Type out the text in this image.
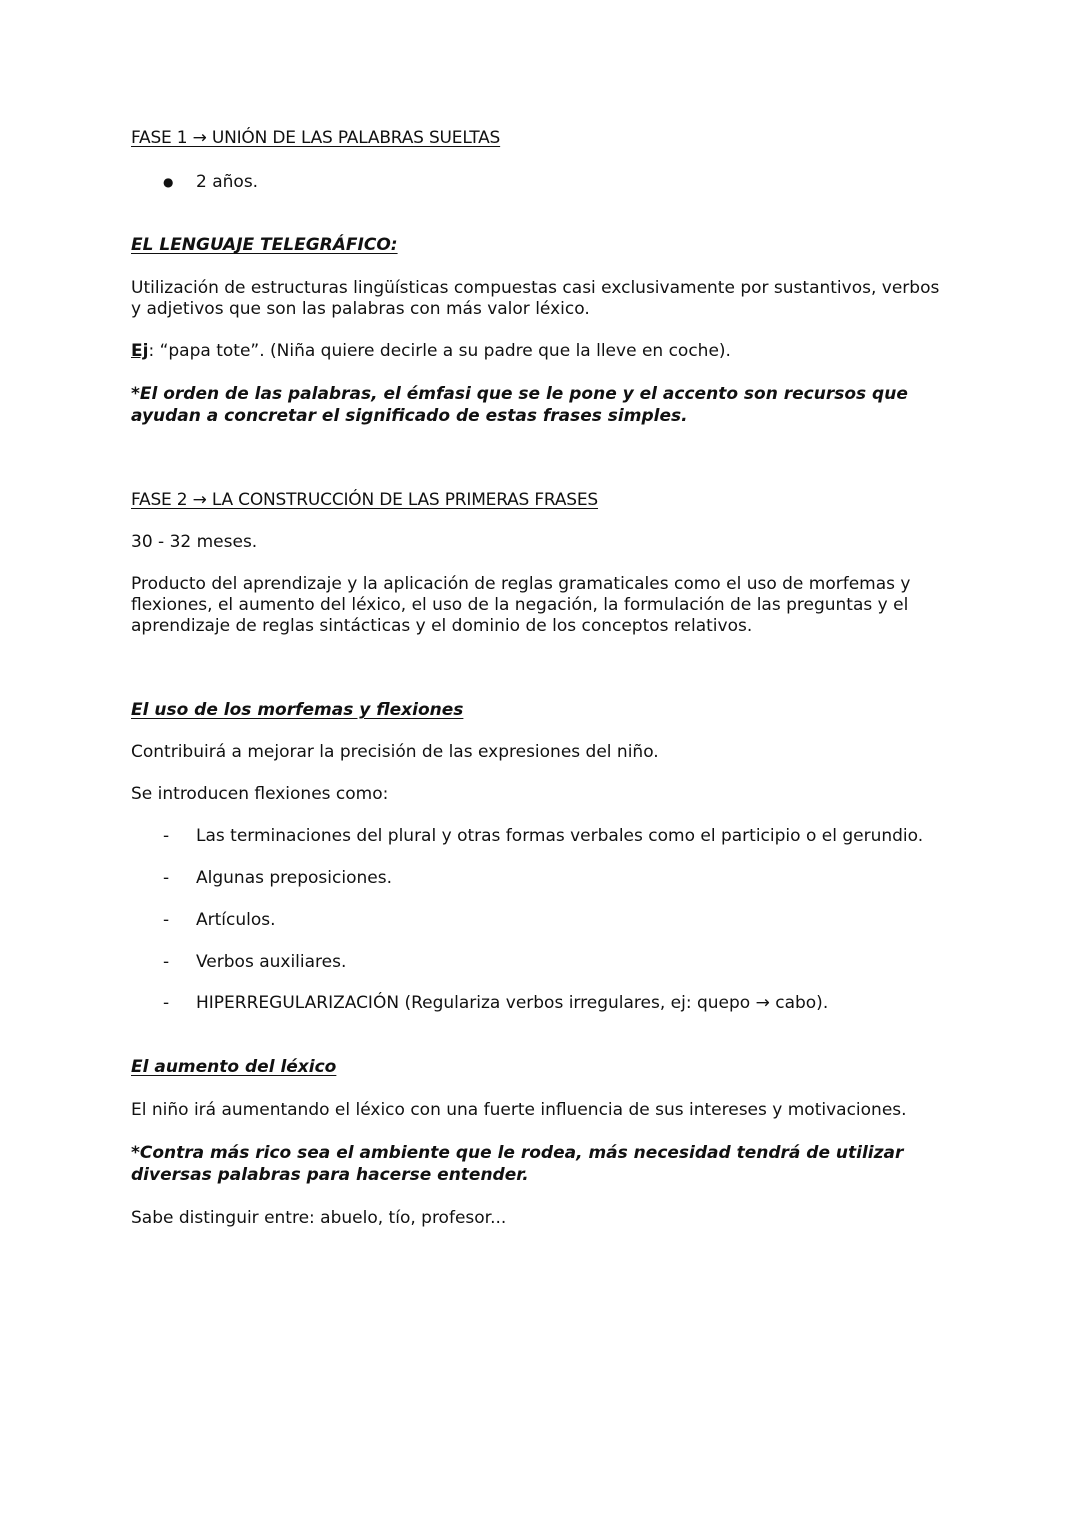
FASE 1 → UNIÓN DE LAS PALABRAS SUELTAS

● 2 años.

EL LENGUAJE TELEGRÁFICO:

Utilización de estructuras lingüísticas compuestas casi exclusivamente por sustantivos, verbos y adjetivos que son las palabras con más valor léxico.

Ej: “papa tote”. (Niña quiere decirle a su padre que la lleve en coche).

*El orden de las palabras, el émfasi que se le pone y el accento son recursos que ayudan a concretar el significado de estas frases simples.

FASE 2 → LA CONSTRUCCIÓN DE LAS PRIMERAS FRASES

30 - 32 meses.

Producto del aprendizaje y la aplicación de reglas gramaticales como el uso de morfemas y flexiones, el aumento del léxico, el uso de la negación, la formulación de las preguntas y el aprendizaje de reglas sintácticas y el dominio de los conceptos relativos.

El uso de los morfemas y flexiones

Contribuirá a mejorar la precisión de las expresiones del niño.

Se introducen flexiones como:

- Las terminaciones del plural y otras formas verbales como el participio o el gerundio.
- Algunas preposiciones.
- Artículos.
- Verbos auxiliares.
- HIPERREGULARIZACIÓN (Regulariza verbos irregulares, ej: quepo → cabo).

El aumento del léxico

El niño irá aumentando el léxico con una fuerte influencia de sus intereses y motivaciones.

*Contra más rico sea el ambiente que le rodea, más necesidad tendrá de utilizar diversas palabras para hacerse entender.

Sabe distinguir entre: abuelo, tío, profesor...
